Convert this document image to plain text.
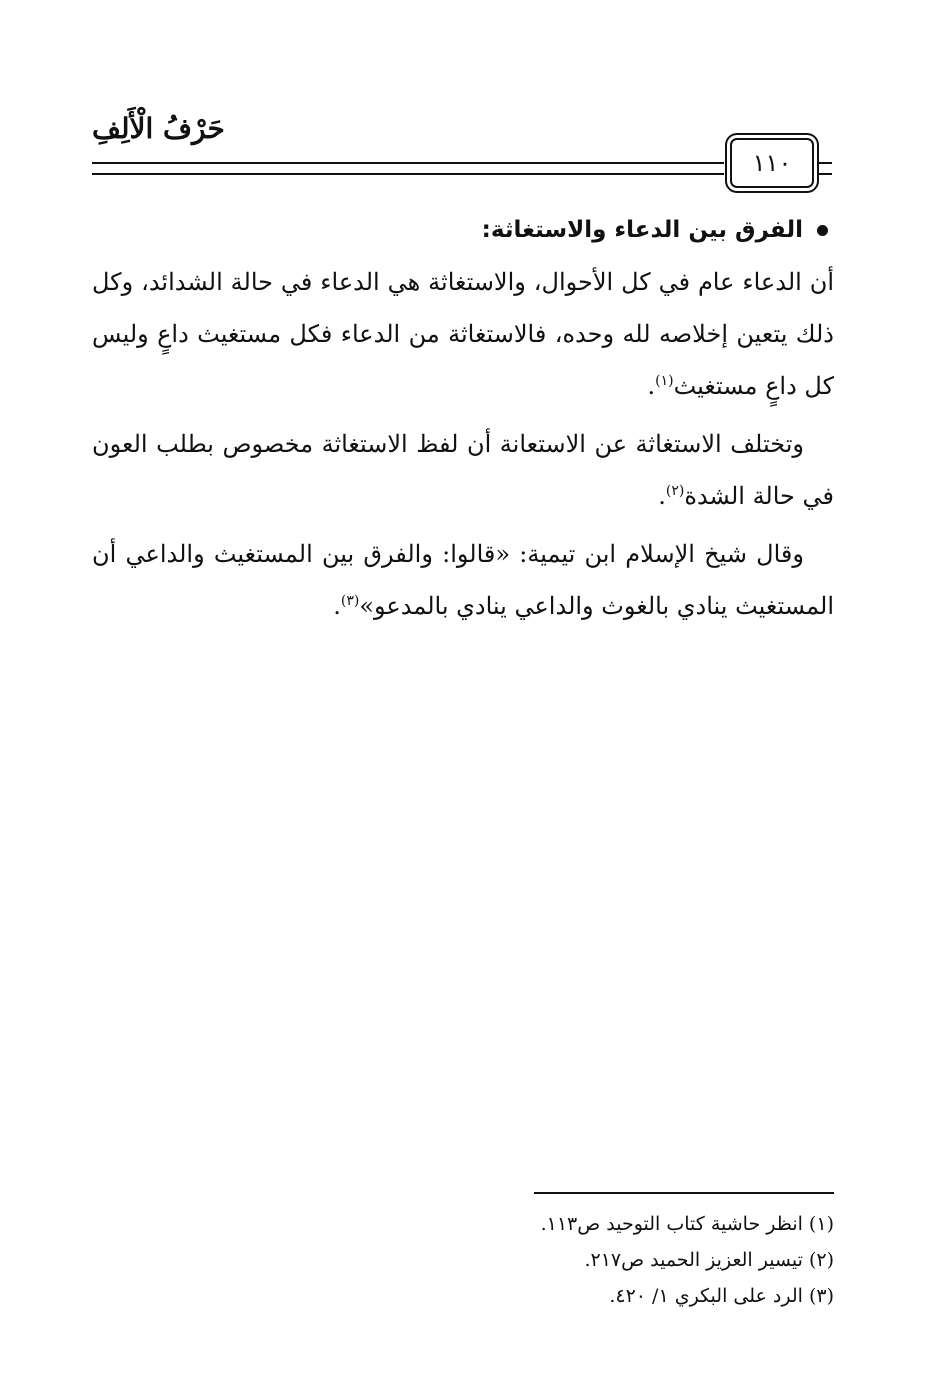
حَرْفُ الْأَلِفِ
١١٠
الفرق بين الدعاء والاستغاثة:

أن الدعاء عام في كل الأحوال، والاستغاثة هي الدعاء في حالة الشدائد، وكل ذلك يتعين إخلاصه لله وحده، فالاستغاثة من الدعاء فكل مستغيث داعٍ وليس كل داعٍ مستغيث$^{(١)}$.

وتختلف الاستغاثة عن الاستعانة أن لفظ الاستغاثة مخصوص بطلب العون في حالة الشدة$^{(٢)}$.

وقال شيخ الإسلام ابن تيمية: «قالوا: والفرق بين المستغيث والداعي أن المستغيث ينادي بالغوث والداعي ينادي بالمدعو»$^{(٣)}$.

(١) انظر حاشية كتاب التوحيد ص١١٣.
(٢) تيسير العزيز الحميد ص٢١٧.
(٣) الرد على البكري ١/ ٤٢٠.
